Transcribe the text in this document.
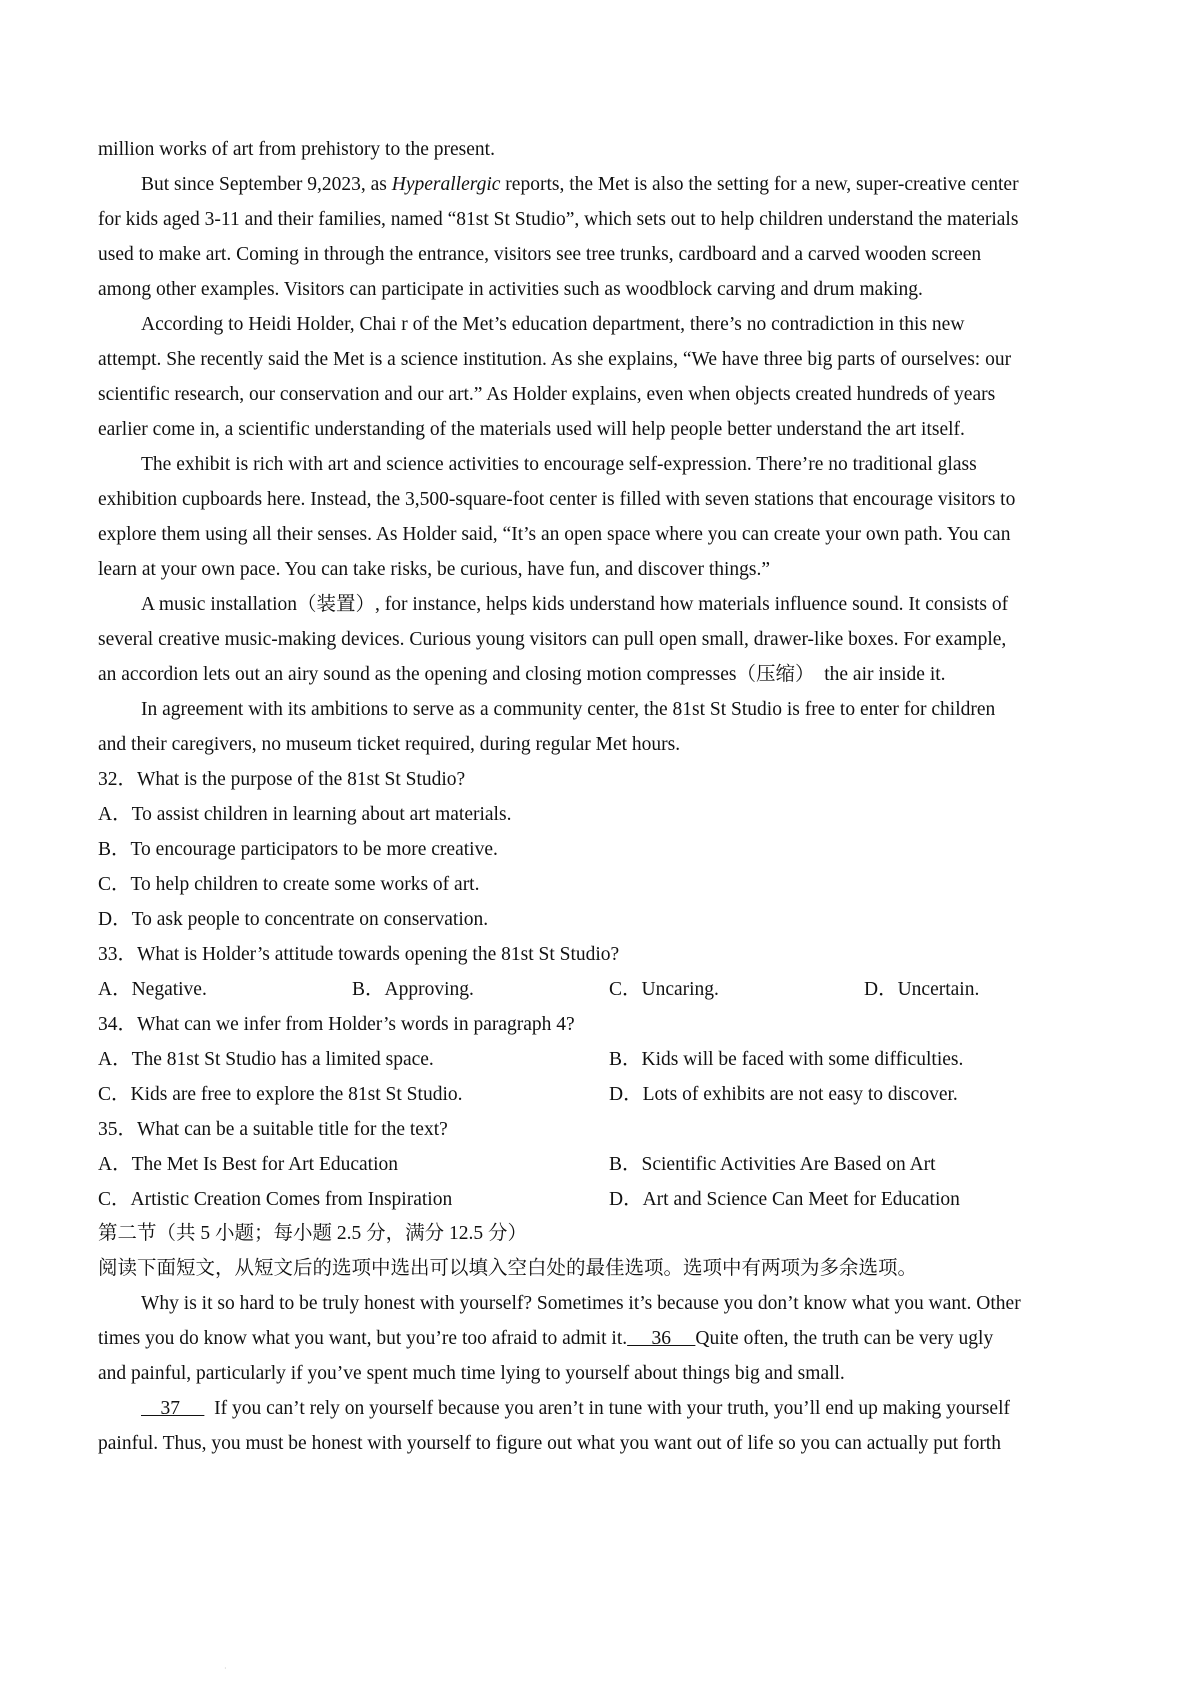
million works of art from prehistory to the present.
But since September 9,2023, as Hyperallergic reports, the Met is also the setting for a new, super-creative center
for kids aged 3-11 and their families, named “81st St Studio”, which sets out to help children understand the materials
used to make art. Coming in through the entrance, visitors see tree trunks, cardboard and a carved wooden screen
among other examples. Visitors can participate in activities such as woodblock carving and drum making.
According to Heidi Holder, Chai r of the Met’s education department, there’s no contradiction in this new
attempt. She recently said the Met is a science institution. As she explains, “We have three big parts of ourselves: our
scientific research, our conservation and our art.” As Holder explains, even when objects created hundreds of years
earlier come in, a scientific understanding of the materials used will help people better understand the art itself.
The exhibit is rich with art and science activities to encourage self-expression. There’re no traditional glass
exhibition cupboards here. Instead, the 3,500-square-foot center is filled with seven stations that encourage visitors to
explore them using all their senses. As Holder said, “It’s an open space where you can create your own path. You can
learn at your own pace. You can take risks, be curious, have fun, and discover things.”
A music installation（装置）, for instance, helps kids understand how materials influence sound. It consists of
several creative music-making devices. Curious young visitors can pull open small, drawer-like boxes. For example,
an accordion lets out an airy sound as the opening and closing motion compresses（压缩）  the air inside it.
In agreement with its ambitions to serve as a community center, the 81st St Studio is free to enter for children
and their caregivers, no museum ticket required, during regular Met hours.
32．What is the purpose of the 81st St Studio?
A．To assist children in learning about art materials.
B．To encourage participators to be more creative.
C．To help children to create some works of art.
D．To ask people to concentrate on conservation.
33．What is Holder’s attitude towards opening the 81st St Studio?
A．Negative.	B．Approving.	C．Uncaring.	D．Uncertain.
34．What can we infer from Holder’s words in paragraph 4?
A．The 81st St Studio has a limited space.	B．Kids will be faced with some difficulties.
C．Kids are free to explore the 81st St Studio.	D．Lots of exhibits are not easy to discover.
35．What can be a suitable title for the text?
A．The Met Is Best for Art Education	B．Scientific Activities Are Based on Art
C．Artistic Creation Comes from Inspiration	D．Art and Science Can Meet for Education
第二节（共 5 小题；每小题 2.5 分，满分 12.5 分）
阅读下面短文，从短文后的选项中选出可以填入空白处的最佳选项。选项中有两项为多余选项。
Why is it so hard to be truly honest with yourself? Sometimes it’s because you don’t know what you want. Other
times you do know what you want, but you’re too afraid to admit it.     36     Quite often, the truth can be very ugly
and painful, particularly if you’ve spent much time lying to yourself about things big and small.
37       If you can’t rely on yourself because you aren’t in tune with your truth, you’ll end up making yourself
painful. Thus, you must be honest with yourself to figure out what you want out of life so you can actually put forth
·
